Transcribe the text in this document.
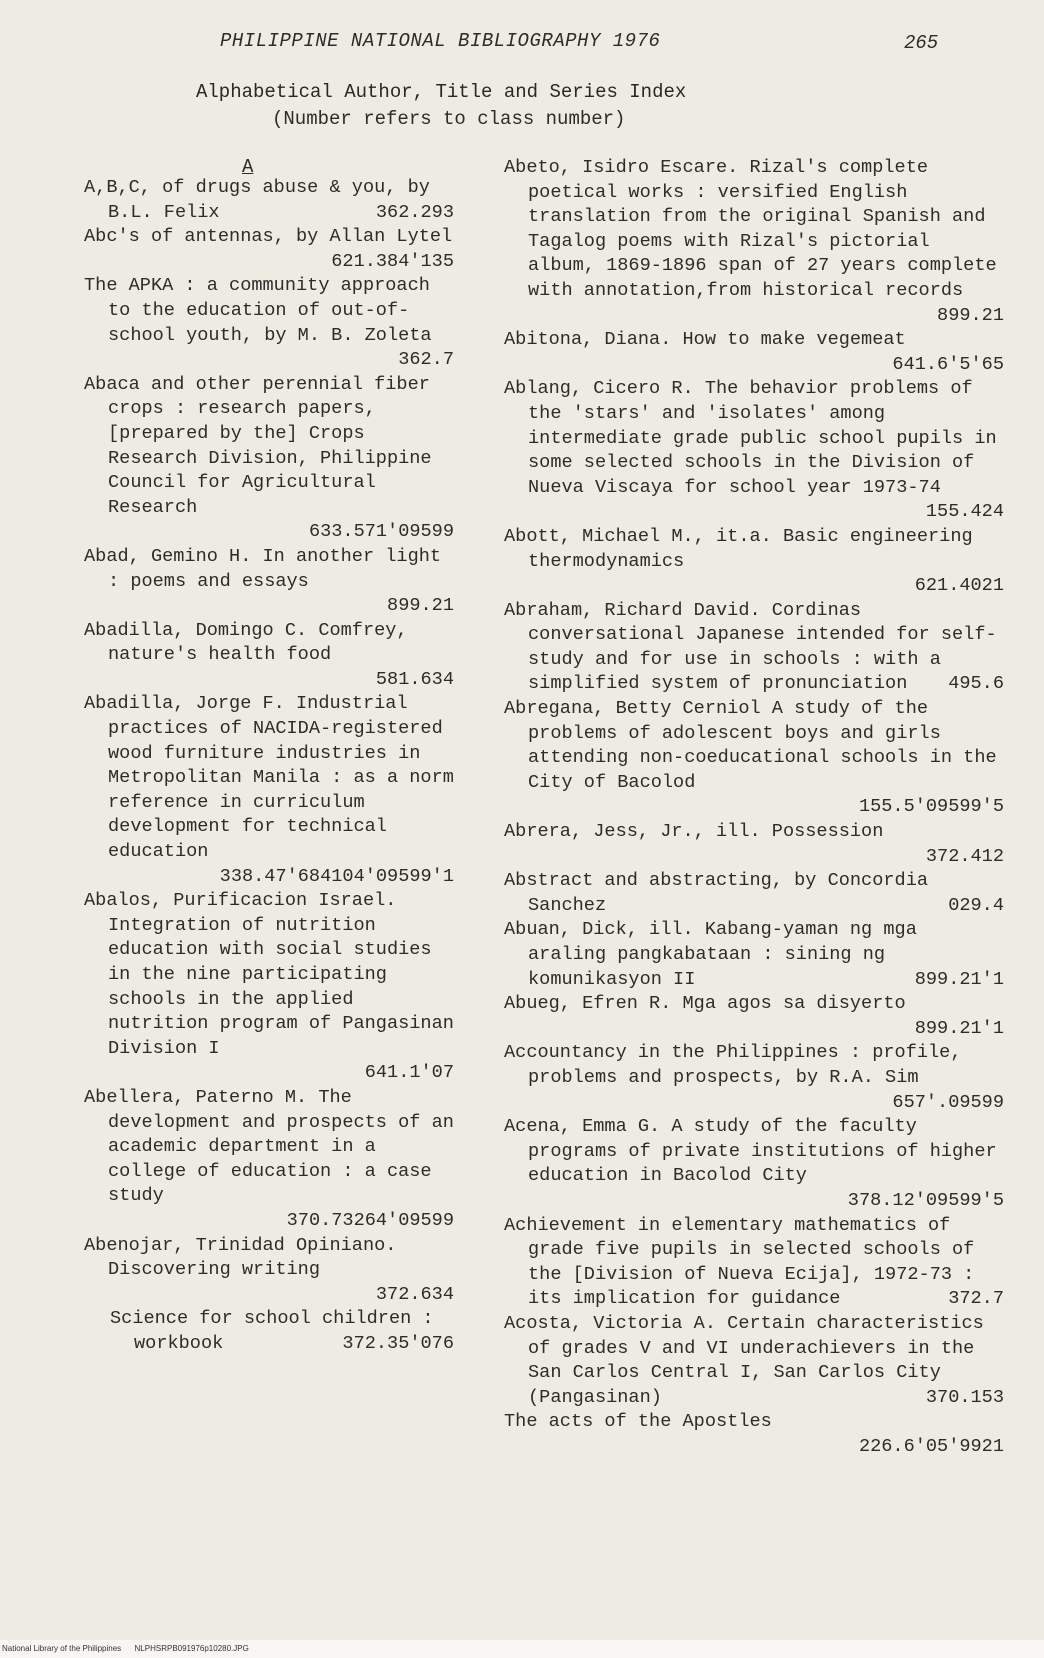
PHILIPPINE NATIONAL BIBLIOGRAPHY 1976	265
Alphabetical Author, Title and Series Index
(Number refers to class number)
A
A,B,C, of drugs abuse & you, by B.L. Felix	362.293
Abc's of antennas, by Allan Lytel
621.384'135
The APKA : a community approach to the education of out-of-school youth, by M. B. Zoleta
362.7
Abaca and other perennial fiber crops : research papers, [prepared by the] Crops Research Division, Philippine Council for Agricultural Research
633.571'09599
Abad, Gemino H. In another light : poems and essays
899.21
Abadilla, Domingo C. Comfrey, nature's health food
581.634
Abadilla, Jorge F. Industrial practices of NACIDA-registered wood furniture industries in Metropolitan Manila : as a norm reference in curriculum development for technical education
338.47'684104'09599'1
Abalos, Purificacion Israel. Integration of nutrition education with social studies in the nine participating schools in the applied nutrition program of Pangasinan Division I
641.1'07
Abellera, Paterno M. The development and prospects of an academic department in a college of education : a case study
370.73264'09599
Abenojar, Trinidad Opiniano. Discovering writing
372.634
Science for school children : workbook	372.35'076
Abeto, Isidro Escare. Rizal's complete poetical works : versified English translation from the original Spanish and Tagalog poems with Rizal's pictorial album, 1869-1896 span of 27 years complete with annotation,from historical records
899.21
Abitona, Diana. How to make vegemeat
641.6'5'65
Ablang, Cicero R. The behavior problems of the 'stars' and 'isolates' among intermediate grade public school pupils in some selected schools in the Division of Nueva Viscaya for school year 1973-74
155.424
Abott, Michael M., it.a. Basic engineering thermodynamics
621.4021
Abraham, Richard David. Cordinas conversational Japanese intended for self-study and for use in schools : with a simplified system of pronunciation	495.6
Abregana, Betty Cerniol A study of the problems of adolescent boys and girls attending non-coeducational schools in the City of Bacolod
155.5'09599'5
Abrera, Jess, Jr., ill. Possession
372.412
Abstract and abstracting, by Concordia Sanchez	029.4
Abuan, Dick, ill. Kabang-yaman ng mga araling pangkabataan : sining ng komunikasyon II	899.21'1
Abueg, Efren R. Mga agos sa disyerto
899.21'1
Accountancy in the Philippines : profile, problems and prospects, by R.A. Sim
657'.09599
Acena, Emma G. A study of the faculty programs of private institutions of higher education in Bacolod City
378.12'09599'5
Achievement in elementary mathematics of grade five pupils in selected schools of the [Division of Nueva Ecija], 1972-73 : its implication for guidance	372.7
Acosta, Victoria A. Certain characteristics of grades V and VI underachievers in the San Carlos Central I, San Carlos City (Pangasinan)	370.153
The acts of the Apostles
226.6'05'9921
National Library of the Philippines NLPHSRPB091976p10280.JPG
